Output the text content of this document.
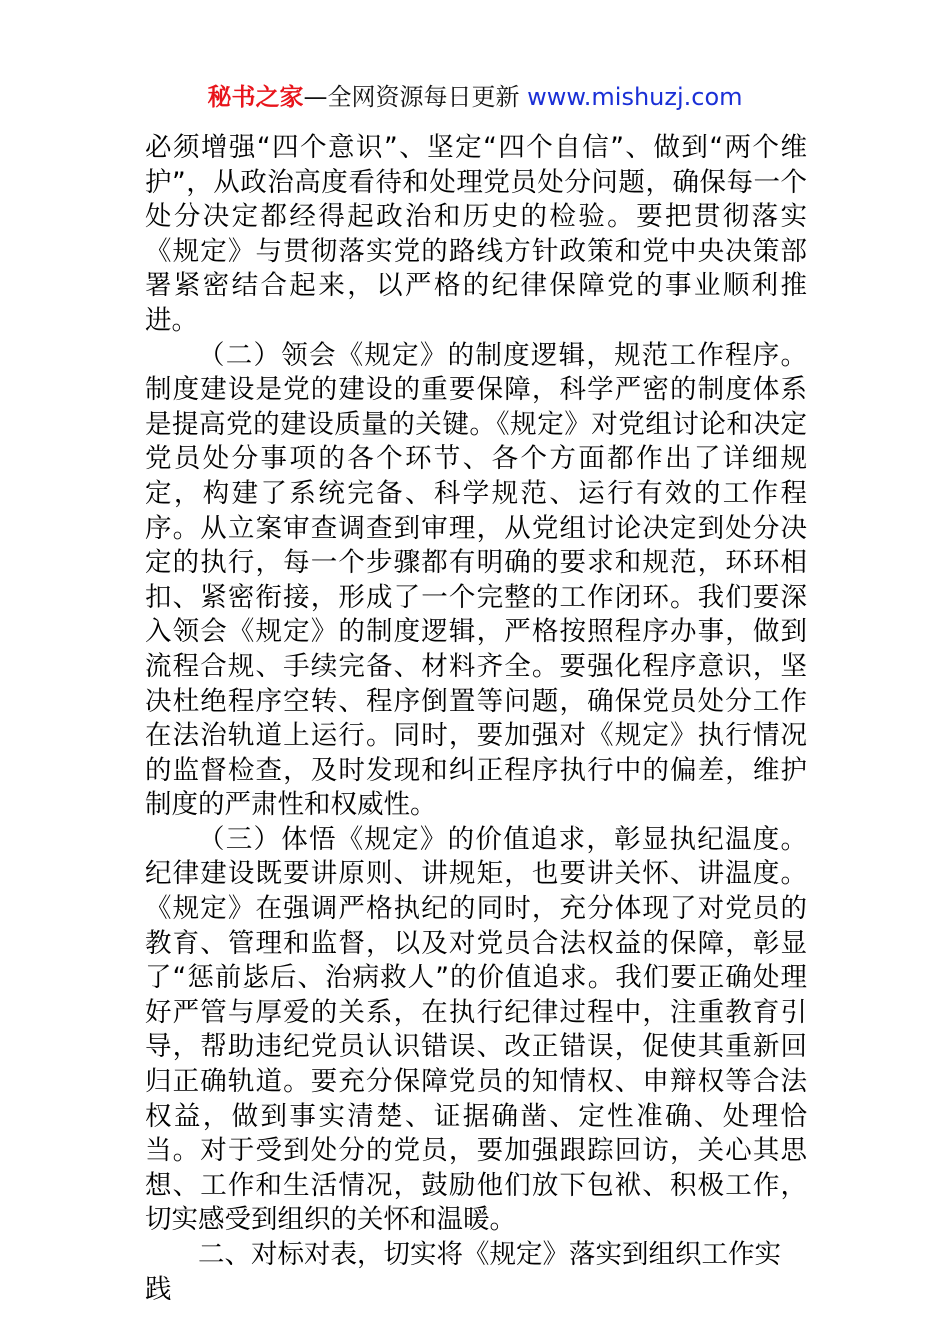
秘书之家—全网资源每日更新 www.mishuzj.com

必须增强“四个意识”、坚定“四个自信”、做到“两个维护”，从政治高度看待和处理党员处分问题，确保每一个处分决定都经得起政治和历史的检验。要把贯彻落实《规定》与贯彻落实党的路线方针政策和党中央决策部署紧密结合起来，以严格的纪律保障党的事业顺利推进。

（二）领会《规定》的制度逻辑，规范工作程序。制度建设是党的建设的重要保障，科学严密的制度体系是提高党的建设质量的关键。《规定》对党组讨论和决定党员处分事项的各个环节、各个方面都作出了详细规定，构建了系统完备、科学规范、运行有效的工作程序。从立案审查调查到审理，从党组讨论决定到处分决定的执行，每一个步骤都有明确的要求和规范，环环相扣、紧密衔接，形成了一个完整的工作闭环。我们要深入领会《规定》的制度逻辑，严格按照程序办事，做到流程合规、手续完备、材料齐全。要强化程序意识，坚决杜绝程序空转、程序倒置等问题，确保党员处分工作在法治轨道上运行。同时，要加强对《规定》执行情况的监督检查，及时发现和纠正程序执行中的偏差，维护制度的严肃性和权威性。

（三）体悟《规定》的价值追求，彰显执纪温度。纪律建设既要讲原则、讲规矩，也要讲关怀、讲温度。《规定》在强调严格执纪的同时，充分体现了对党员的教育、管理和监督，以及对党员合法权益的保障，彰显了“惩前毖后、治病救人”的价值追求。我们要正确处理好严管与厚爱的关系，在执行纪律过程中，注重教育引导，帮助违纪党员认识错误、改正错误，促使其重新回归正确轨道。要充分保障党员的知情权、申辩权等合法权益，做到事实清楚、证据确凿、定性准确、处理恰当。对于受到处分的党员，要加强跟踪回访，关心其思想、工作和生活情况，鼓励他们放下包袱、积极工作，切实感受到组织的关怀和温暖。

二、对标对表，切实将《规定》落实到组织工作实践
